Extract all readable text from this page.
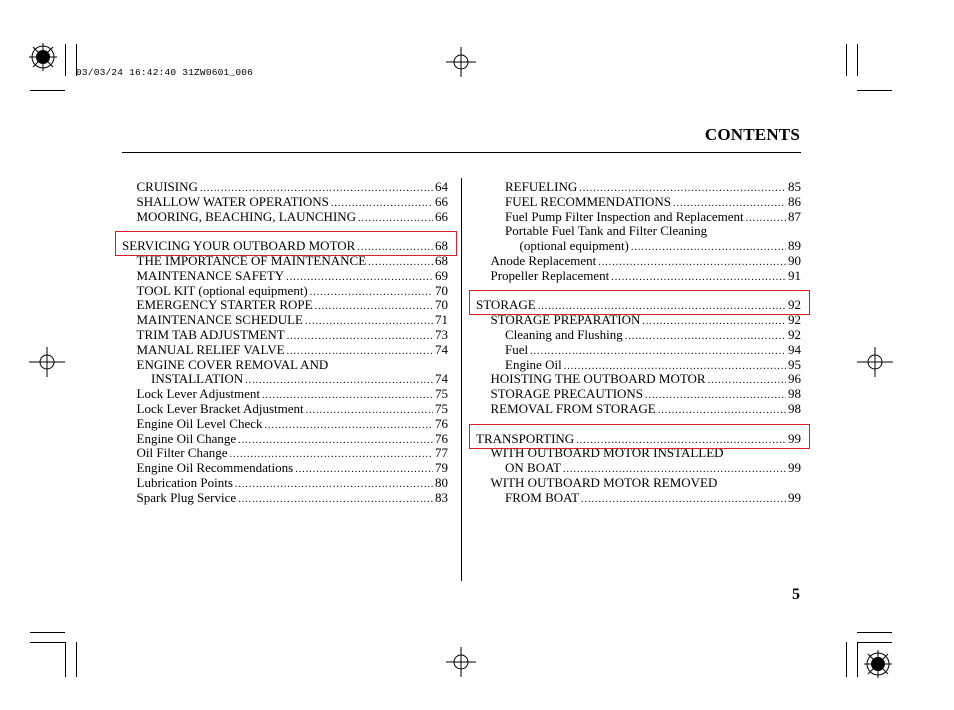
03/03/24 16:42:40 31ZW0601_006
CONTENTS
CRUISING .....	64
SHALLOW WATER OPERATIONS .....	66
MOORING, BEACHING, LAUNCHING .....	66
SERVICING YOUR OUTBOARD MOTOR .....	68
THE IMPORTANCE OF MAINTENANCE .....	68
MAINTENANCE SAFETY .....	69
TOOL KIT (optional equipment) .....	70
EMERGENCY STARTER ROPE .....	70
MAINTENANCE SCHEDULE .....	71
TRIM TAB ADJUSTMENT .....	73
MANUAL RELIEF VALVE .....	74
ENGINE COVER REMOVAL AND
INSTALLATION .....	74
Lock Lever Adjustment .....	75
Lock Lever Bracket Adjustment .....	75
Engine Oil Level Check .....	76
Engine Oil Change .....	76
Oil Filter Change .....	77
Engine Oil Recommendations .....	79
Lubrication Points .....	80
Spark Plug Service .....	83
REFUELING .....	85
FUEL RECOMMENDATIONS .....	86
Fuel Pump Filter Inspection and Replacement .....	87
Portable Fuel Tank and Filter Cleaning
(optional equipment) .....	89
Anode Replacement .....	90
Propeller Replacement .....	91
STORAGE .....	92
STORAGE PREPARATION .....	92
Cleaning and Flushing .....	92
Fuel .....	94
Engine Oil .....	95
HOISTING THE OUTBOARD MOTOR .....	96
STORAGE PRECAUTIONS .....	98
REMOVAL FROM STORAGE .....	98
TRANSPORTING .....	99
WITH OUTBOARD MOTOR INSTALLED
ON BOAT .....	99
WITH OUTBOARD MOTOR REMOVED
FROM BOAT .....	99
5
